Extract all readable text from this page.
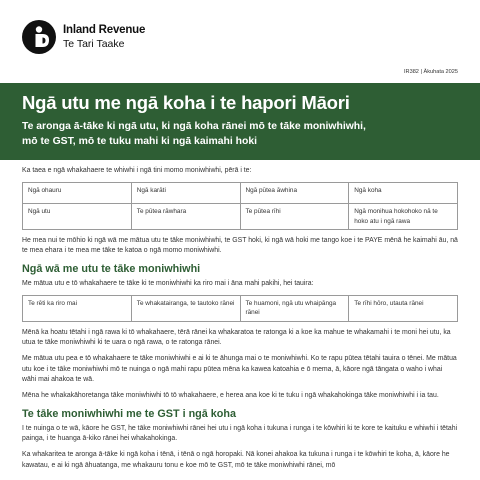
Inland Revenue
Te Tari Taake
IR382 | Ākuhata 2025
Ngā utu me ngā koha i te hapori Māori
Te aronga ā-tāke ki ngā utu, ki ngā koha rānei mō te tāke moniwhiwhi,
mō te GST, mō te tuku mahi ki ngā kaimahi hoki

Ka taea e ngā whakahaere te whiwhi i ngā tini momo moniwhiwhi, pērā i te:

Ngā ohauru	Ngā karāti	Ngā pūtea āwhina	Ngā koha
Ngā utu	Te pūtea rāwhara	Te pūtea rīhi	Ngā monihua hokohoko nā te hoko atu i ngā rawa

He mea nui te mōhio ki ngā wā me mātua utu te tāke moniwhiwhi, te GST hoki, ki ngā wā hoki me tango koe i te PAYE mēnā he kaimahi āu, nā te mea ehara i te mea me tāke te katoa o ngā momo moniwhiwhi.

Ngā wā me utu te tāke moniwhiwhi

Me mātua utu e tō whakahaere te tāke ki te moniwhiwhi ka riro mai i āna mahi pakihi, hei tauira:

Te rēti ka riro mai	Te whakatairanga, te tautoko rānei	Te huamoni, ngā utu whaipānga rānei	Te rīhi hōro, utauta rānei

Mēnā ka hoatu tētahi i ngā rawa ki tō whakahaere, tērā rānei ka whakaratoa te ratonga ki a koe ka mahue te whakamahi i te moni hei utu, ka utua te tāke moniwhiwhi ki te uara o ngā rawa, o te ratonga rānei.

Me mātua utu pea e tō whakahaere te tāke moniwhiwhi e ai ki te āhunga mai o te moniwhiwhi. Ko te rapu pūtea tētahi tauira o tēnei. Me mātua utu koe i te tāke moniwhiwhi mō te nuinga o ngā mahi rapu pūtea mēna ka kawea katoahia e ō mema, ā, kāore ngā tāngata o waho i whai wāhi mai ahakoa te wā.

Mēna he whakakāhoretanga tāke moniwhiwhi tō tō whakahaere, e herea ana koe ki te tuku i ngā whakahokinga tāke moniwhiwhi i ia tau.

Te tāke moniwhiwhi me te GST i ngā koha

I te nuinga o te wā, kāore he GST, he tāke moniwhiwhi rānei hei utu i ngā koha i tukuna i runga i te kōwhiri ki te kore te kaituku e whiwhi i tētahi painga, i te huanga ā-kiko rānei hei whakahokinga.

Ka whakaritea te aronga ā-tāke ki ngā koha i tēnā, i tēnā o ngā horopaki. Nā konei ahakoa ka tukuna i runga i te kōwhiri te koha, ā, kāore he kawatau, e ai ki ngā āhuatanga, me whakauru tonu e koe mō te GST, mō te tāke moniwhiwhi rānei, mō
